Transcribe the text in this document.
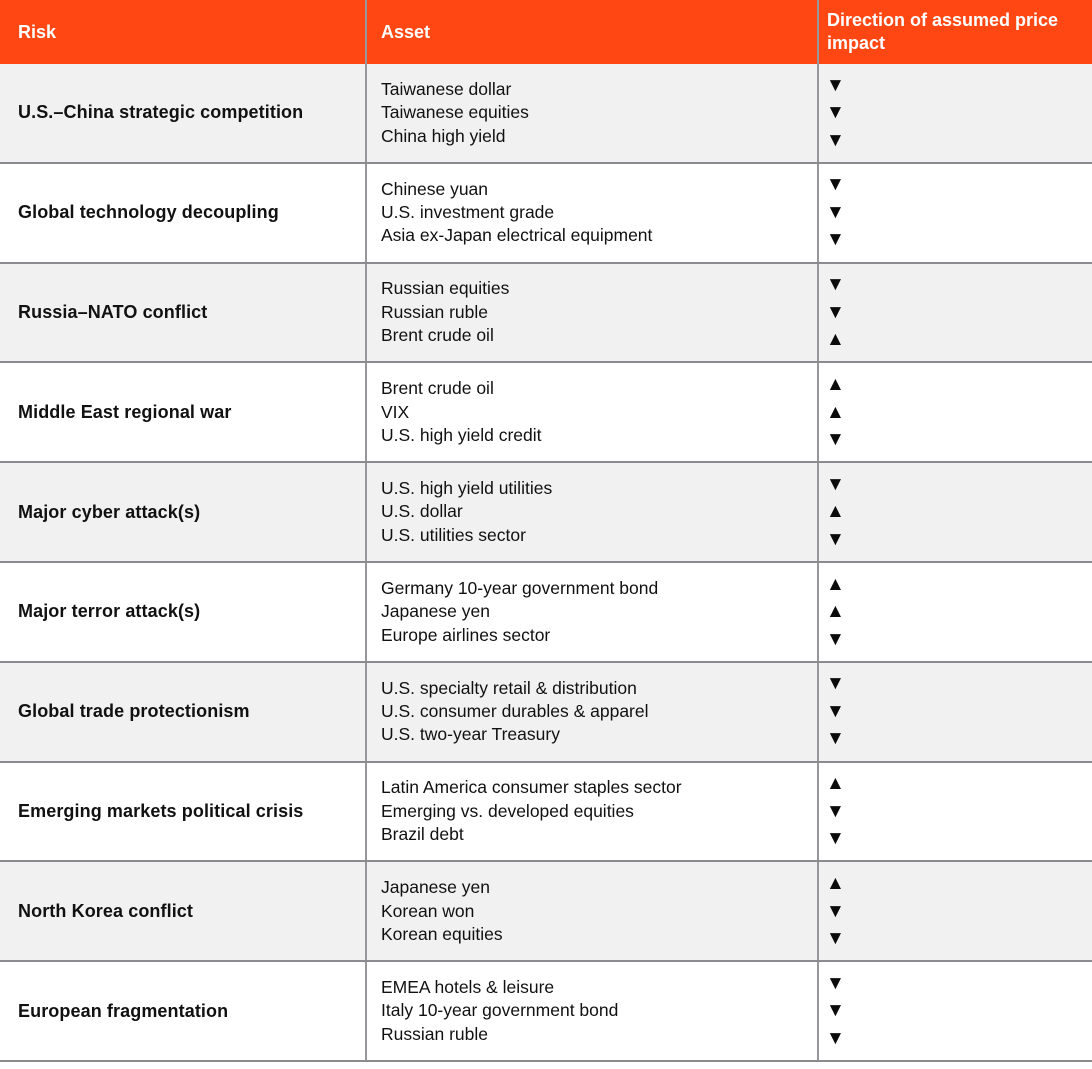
Risk	Asset
Direction of assumed price impact
U.S.–China strategic competition
Taiwanese dollar
Taiwanese equities
China high yield
▼
▼
▼
Global technology decoupling
Chinese yuan
U.S. investment grade
Asia ex-Japan electrical equipment
▼
▼
▼
Russia–NATO conflict
Russian equities
Russian ruble
Brent crude oil
▼
▼
▲
Middle East regional war
Brent crude oil
VIX
U.S. high yield credit
▲
▲
▼
Major cyber attack(s)
U.S. high yield utilities
U.S. dollar
U.S. utilities sector
▼
▲
▼
Major terror attack(s)
Germany 10-year government bond
Japanese yen
Europe airlines sector
▲
▲
▼
Global trade protectionism
U.S. specialty retail & distribution
U.S. consumer durables & apparel
U.S. two-year Treasury
▼
▼
▼
Emerging markets political crisis
Latin America consumer staples sector
Emerging vs. developed equities
Brazil debt
▲
▼
▼
North Korea conflict
Japanese yen
Korean won
Korean equities
▲
▼
▼
European fragmentation
EMEA hotels & leisure
Italy 10-year government bond
Russian ruble
▼
▼
▼
